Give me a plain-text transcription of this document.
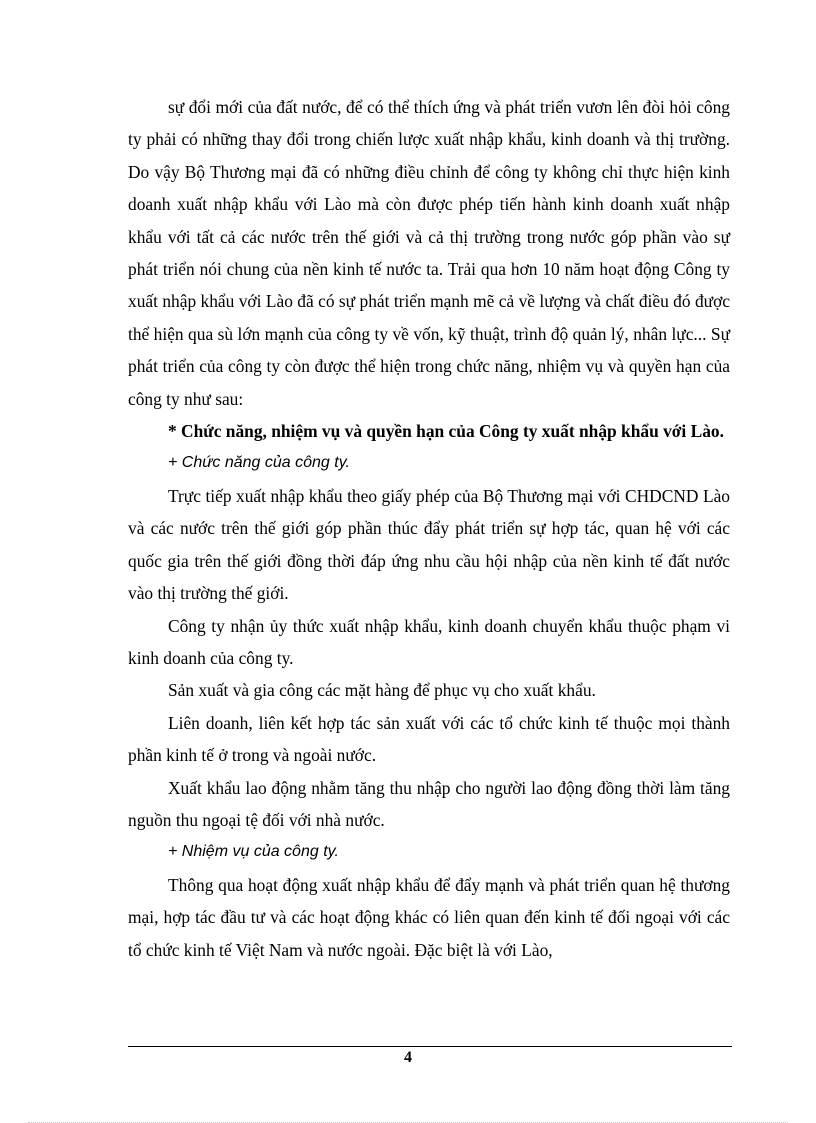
sự đổi mới của đất nước, để có thể thích ứng và phát triển vươn lên đòi hỏi công ty phải có những thay đổi trong chiến lược xuất nhập khẩu, kinh doanh và thị trường. Do vậy Bộ Thương mại đã có những điều chỉnh để công ty không chỉ thực hiện kinh doanh xuất nhập khẩu với Lào mà còn được phép tiến hành kinh doanh xuất nhập khẩu với tất cả các nước trên thế giới và cả thị trường trong nước góp phần vào sự phát triển nói chung của nền kinh tế nước ta. Trải qua hơn 10 năm hoạt động Công ty xuất nhập khẩu với Lào đã có sự phát triển mạnh mẽ cả về lượng và chất điều đó được thể hiện qua sù lớn mạnh của công ty về vốn, kỹ thuật, trình độ quản lý, nhân lực... Sự phát triển của công ty còn được thể hiện trong chức năng, nhiệm vụ và quyền hạn của công ty như sau:

* Chức năng, nhiệm vụ và quyền hạn của Công ty xuất nhập khẩu với Lào.

+ Chức năng của công ty.

Trực tiếp xuất nhập khẩu theo giấy phép của Bộ Thương mại với CHDCND Lào và các nước trên thế giới góp phần thúc đẩy phát triển sự hợp tác, quan hệ với các quốc gia trên thế giới đồng thời đáp ứng nhu cầu hội nhập của nền kinh tế đất nước vào thị trường thế giới.

Công ty nhận ủy thức xuất nhập khẩu, kinh doanh chuyển khẩu thuộc phạm vi kinh doanh của công ty.

Sản xuất và gia công các mặt hàng để phục vụ cho xuất khẩu.

Liên doanh, liên kết hợp tác sản xuất với các tổ chức kinh tế thuộc mọi thành phần kinh tế ở trong và ngoài nước.

Xuất khẩu lao động nhằm tăng thu nhập cho người lao động đồng thời làm tăng nguồn thu ngoại tệ đối với nhà nước.

+ Nhiệm vụ của công ty.

Thông qua hoạt động xuất nhập khẩu để đẩy mạnh và phát triển quan hệ thương mại, hợp tác đầu tư và các hoạt động khác có liên quan đến kinh tế đối ngoại với các tổ chức kinh tế Việt Nam và nước ngoài. Đặc biệt là với Lào,

4
